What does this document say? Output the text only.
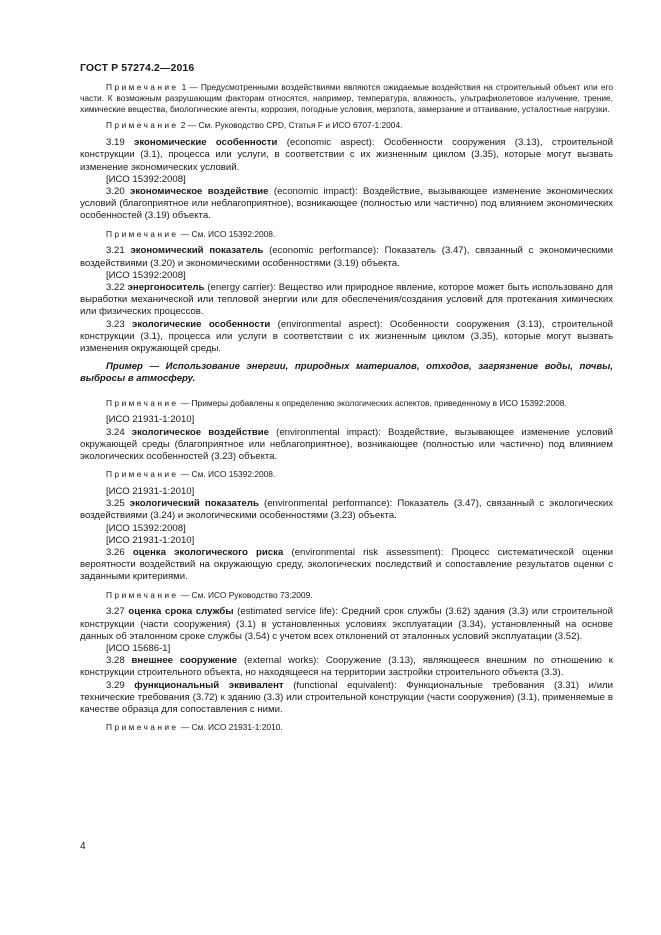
ГОСТ Р 57274.2—2016

Примечание 1 — Предусмотренными воздействиями являются ожидаемые воздействия на строительный объект или его части. К возможным разрушающим факторам относятся, например, температура, влажность, ультрафиолетовое излучение, трение, химические вещества, биологические агенты, коррозия, погодные условия, мерзлота, замерзание и оттаивание, усталостные нагрузки.

Примечание 2 — См. Руководство CPD, Статья F и ИСО 6707-1:2004.

3.19 экономические особенности (economic aspect): Особенности сооружения (3.13), строительной конструкции (3.1), процесса или услуги, в соответствии с их жизненным циклом (3.35), которые могут вызвать изменение экономических условий.

[ИСО 15392:2008]

3.20 экономическое воздействие (economic impact): Воздействие, вызывающее изменение экономических условий (благоприятное или неблагоприятное), возникающее (полностью или частично) под влиянием экономических особенностей (3.19) объекта.

Примечание — См. ИСО 15392:2008.

3.21 экономический показатель (economic performance): Показатель (3.47), связанный с экономическими воздействиями (3.20) и экономическими особенностями (3.19) объекта.

[ИСО 15392:2008]

3.22 энергоноситель (energy carrier): Вещество или природное явление, которое может быть использовано для выработки механической или тепловой энергии или для обеспечения/создания условий для протекания химических или физических процессов.

3.23 экологические особенности (environmental aspect): Особенности сооружения (3.13), строительной конструкции (3.1), процесса или услуги в соответствии с их жизненным циклом (3.35), которые могут вызвать изменения окружающей среды.

Пример — Использование энергии, природных материалов, отходов, загрязнение воды, почвы, выбросы в атмосферу.

Примечание — Примеры добавлены к определению экологических аспектов, приведенному в ИСО 15392:2008.

[ИСО 21931-1:2010]

3.24 экологическое воздействие (environmental impact): Воздействие, вызывающее изменение условий окружающей среды (благоприятное или неблагоприятное), возникающее (полностью или частично) под влиянием экологических особенностей (3.23) объекта.

Примечание — См. ИСО 15392:2008.

[ИСО 21931-1:2010]

3.25 экологический показатель (environmental performance): Показатель (3.47), связанный с экологических воздействиями (3.24) и экологическими особенностями (3.23) объекта.

[ИСО 15392:2008]

[ИСО 21931-1:2010]

3.26 оценка экологического риска (environmental risk assessment): Процесс систематической оценки вероятности воздействий на окружающую среду, экологических последствий и сопоставление результатов оценки с заданными критериями.

Примечание — См. ИСО Руководство 73:2009.

3.27 оценка срока службы (estimated service life): Средний срок службы (3.62) здания (3.3) или строительной конструкции (части сооружения) (3.1) в установленных условиях эксплуатации (3.34), установленный на основе данных об эталонном сроке службы (3.54) с учетом всех отклонений от эталонных условий эксплуатации (3.52).

[ИСО 15686-1]

3.28 внешнее сооружение (external works): Сооружение (3.13), являющееся внешним по отношению к конструкции строительного объекта, но находящееся на территории застройки строительного объекта (3.3).

3.29 функциональный эквивалент (functional equivalent): Функциональные требования (3.31) и/или технические требования (3.72) к зданию (3.3) или строительной конструкции (части сооружения) (3.1), применяемые в качестве образца для сопоставления с ними.

Примечание — См. ИСО 21931-1:2010.

4
